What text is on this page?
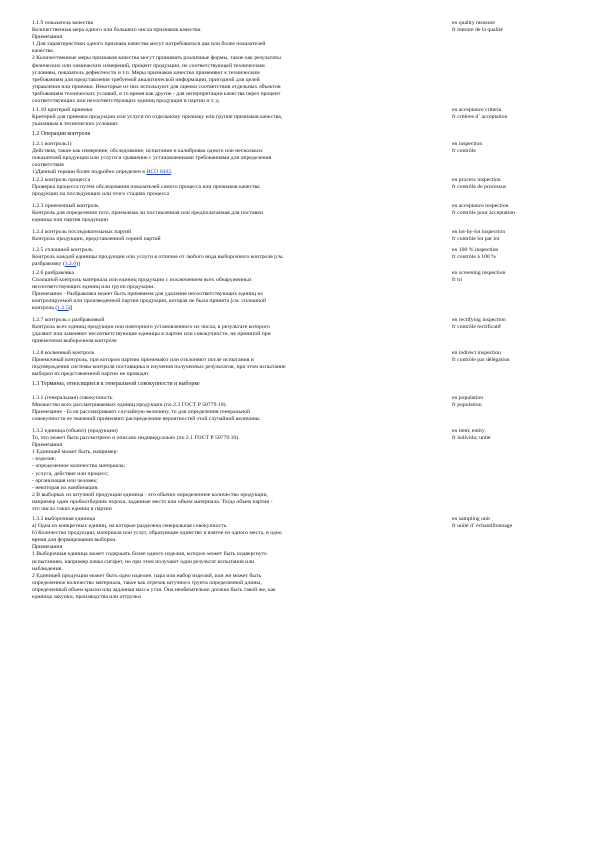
1.1.9 показатель качества
Количественная мера одного или большего числа признаков качества.
Примечания
1 Для характеристики одного признака качества могут потребоваться два или более показателей
качества.
2 Количественные меры признаков качества могут принимать различные формы, такие как результаты
физических или химических измерений, процент продукции, не соответствующей техническим
условиям, показатель дефектности и т.п. Меры признаков качества применяют к техническим
требованиям для представления требуемой аналитической информации, пригодной для целей
управления или приемки. Некоторые из них используют для оценки соответствия отдельных объектов
требованиям технических условий, в то время как другие - для интерпретации качества через процент
соответствующих или несоответствующих единиц продукции в партии и т. д.
en quality measure
fr mesure de la qualité
1.1.10 критерий приемки
Критерий для приемки продукции или услуги по отдельному признаку или группе признаков качества,
указанным в технических условиях
en acceptance criteria
fr critères d´ acceptation
1.2 Операции контроля
1.2.1 контроль1)
Действия, такие как измерение, обследование, испытание и калибровка одного или нескольких
показателей продукции или услуги и сравнение с установленными требованиями для определения
соответствия
1)Данный термин более подробно определен в ИСО 8402.
en inspection
fr contrôle
1.2.2 контроль процесса
Проверка процесса путем обследования показателей самого процесса или признаков качества
продукции на последующих или этого стадиях процесса
en process inspection
fr contrôle de processus
1.2.3 приемочный контроль
Контроль для определения того, приемлема ли поставленная или предполагаемая для поставки
единица или партия продукции
en acceptance inspection
fr contrôle pour acceptation
1.2.4 контроль последовательных партий
Контроль продукции, представленной серией партий
en lot-by-lot inspection
fr contrôle lot par lot
1.2.5 сплошной контроль
Контроль каждой единицы продукции или услуги в отличие от любого вида выборочного контроля [см.
разбраковку (1.2.6)]
en 100 % inspection
fr contrôle à 100 %
1.2.6 разбраковка
Сплошной контроль материала или единиц продукции с исключением всех обнаруженных
несоответствующих единиц или групп продукции.
Примечание - Разбраковка может быть применена для удаления несоответствующих единиц из
контролируемой или произведенной партии продукции, которая не была принята [см. сплошной
контроль (1.2.5)]
en screening inspection
fr tri
1.2.7 контроль с разбраковкой
Контроль всех единиц продукции или повторного установленного их числа, в результате которого
удаляют или заменяют несоответствующие единицы в партии или совокупности, не принятой при
приемочном выборочном контроле
en rectifying inspection
fr contrôle rectificatif
1.2.8 косвенный контроль
Приемочный контроль, при котором партию принимают или отклоняют после испытания и
подтверждения системы контроля поставщика и изучения полученных результатов, при этом испытание
выборки из представленной партии не проводят
en indirect inspection
fr contrôle par délégation
1.3 Термины, относящиеся к генеральной совокупности и выборке
1.3.1 (генеральная) совокупность
Множество всех рассматриваемых единиц продукции (по 2.3 ГОСТ Р 50779.10).
Примечание - Если рассматривают случайную величину, то для определения генеральной
совокупности ее значений применяют распределение вероятностей этой случайной величины
en population
fr population
1.3.2 единица (объект) (продукции)
То, что может быть рассмотрено и описано индивидуально (по 2.1 ГОСТ Р 50779.10).
Примечания
1 Единицей может быть, например:
- изделие;
- определенное количество материала;
- услуга, действие или процесс;
- организация или человек;
- некоторая их комбинация.
2 В выборках из штучной продукции единица - это обычно определенное количество продукции,
например один пробоотборник пороха, заданные место или объем материала. Тогда объем партии -
это число таких единиц в партии
en item; entity
fr individu; unité
1.3.3 выборочная единица
а) Одна из конкретных единиц, на которые разделена генеральная совокупность.
b) Количество продукции, материала или услуг, образующее единство и взятое из одного места, в одно
время для формирования выборки.
Примечания
1 Выборочная единица может содержать более одного изделия, которое может быть подвергнуто
испытаниям, например пачка сигарет, но при этом получают один результат испытания или
наблюдения.
2 Единицей продукции может быть одно изделие, пара или набор изделий, или же может быть
определенное количество материала, такое как отрезок штучного грунта определенной длины,
определенный объем краски или заданная масса угля. Она необязательно должна быть такой же, как
единица закупки, производства или отгрузки
en sampling unit
fr unité d´ échantillonnage
